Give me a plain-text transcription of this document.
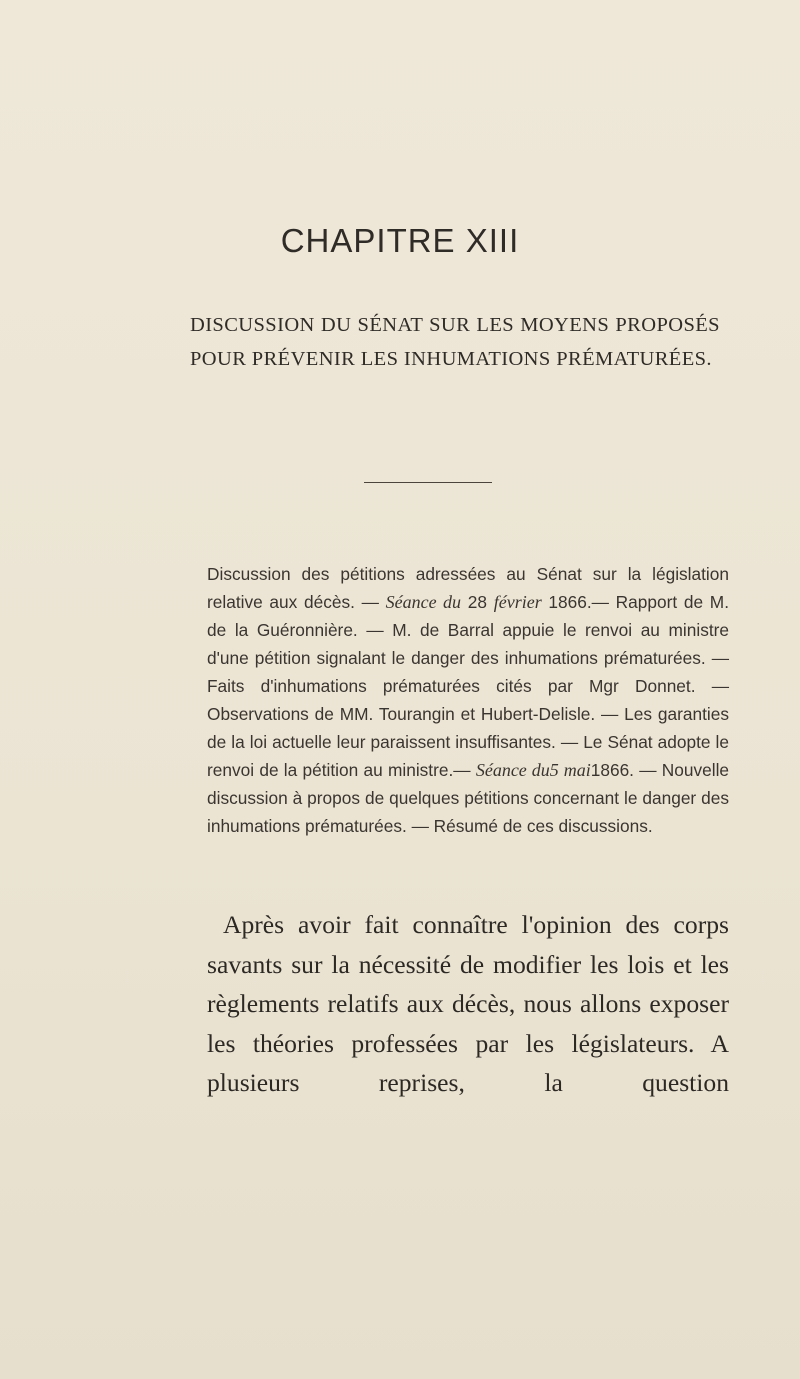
CHAPITRE XIII
DISCUSSION DU SÉNAT SUR LES MOYENS PROPOSÉS POUR PRÉVENIR LES INHUMATIONS PRÉMATURÉES.

Discussion des pétitions adressées au Sénat sur la législation relative aux décès. — Séance du 28 février 1866.— Rapport de M. de la Guéronnière. — M. de Barral appuie le renvoi au ministre d'une pétition signalant le danger des inhumations prématurées. — Faits d'inhumations prématurées cités par Mgr Donnet. — Observations de MM. Tourangin et Hubert-Delisle. — Les garanties de la loi actuelle leur paraissent insuffisantes. — Le Sénat adopte le renvoi de la pétition au ministre.— Séance du5 mai1866. — Nouvelle discussion à propos de quelques pétitions concernant le danger des inhumations prématurées. — Résumé de ces discussions.

Après avoir fait connaître l'opinion des corps savants sur la nécessité de modifier les lois et les règlements relatifs aux décès, nous allons exposer les théories professées par les législateurs. A plusieurs reprises, la question
